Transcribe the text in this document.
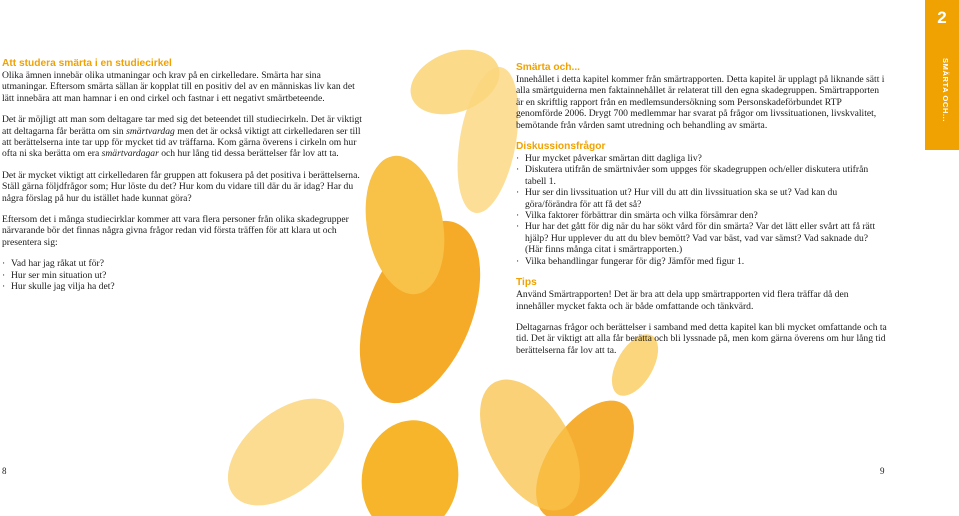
2
SMÄRTA OCH...
Att studera smärta i en studiecirkel

Olika ämnen innebär olika utmaningar och krav på en cirkelledare. Smärta har sina utmaningar. Eftersom smärta sällan är kopplat till en positiv del av en människas liv kan det lätt innebära att man hamnar i en ond cirkel och fastnar i ett negativt smärtbeteende.

Det är möjligt att man som deltagare tar med sig det beteendet till studiecirkeln. Det är viktigt att deltagarna får berätta om sin smärtvardag men det är också viktigt att cirkelledaren ser till att berättelserna inte tar upp för mycket tid av träffarna. Kom gärna överens i cirkeln om hur ofta ni ska berätta om era smärtvardagar och hur lång tid dessa berättelser får lov att ta.

Det är mycket viktigt att cirkelledaren får gruppen att fokusera på det positiva i berättelserna. Ställ gärna följdfrågor som; Hur löste du det? Hur kom du vidare till där du är idag? Har du några förslag på hur du istället hade kunnat göra?

Eftersom det i många studiecirklar kommer att vara flera personer från olika skadegrupper närvarande bör det finnas några givna frågor redan vid första träffen för att klara ut och presentera sig:

· Vad har jag råkat ut för?
· Hur ser min situation ut?
· Hur skulle jag vilja ha det?
Smärta och...

Innehållet i detta kapitel kommer från smärtrapporten. Detta kapitel är upplagt på liknande sätt i alla smärtguiderna men faktainnehållet är relaterat till den egna skadegruppen. Smärtrapporten är en skriftlig rapport från en medlemsundersökning som Personskadeförbundet RTP genomförde 2006. Drygt 700 medlemmar har svarat på frågor om livssituationen, livskvalitet, bemötande från vården samt utredning och behandling av smärta.

Diskussionsfrågor
· Hur mycket påverkar smärtan ditt dagliga liv?
· Diskutera utifrån de smärtnivåer som uppges för skadegruppen och/eller diskutera utifrån tabell 1.
· Hur ser din livssituation ut? Hur vill du att din livssituation ska se ut? Vad kan du göra/förändra för att få det så?
· Vilka faktorer förbättrar din smärta och vilka försämrar den?
· Hur har det gått för dig när du har sökt vård för din smärta? Var det lätt eller svårt att få rätt hjälp? Hur upplever du att du blev bemött? Vad var bäst, vad var sämst? Vad saknade du? (Här finns många citat i smärtrapporten.)
· Vilka behandlingar fungerar för dig? Jämför med figur 1.
Tips

Använd Smärtrapporten! Det är bra att dela upp smärtrapporten vid flera träffar då den innehåller mycket fakta och är både omfattande och tänkvärd.

Deltagarnas frågor och berättelser i samband med detta kapitel kan bli mycket omfattande och ta tid. Det är viktigt att alla får berätta och bli lyssnade på, men kom gärna överens om hur lång tid berättelserna får lov att ta.

8	9
